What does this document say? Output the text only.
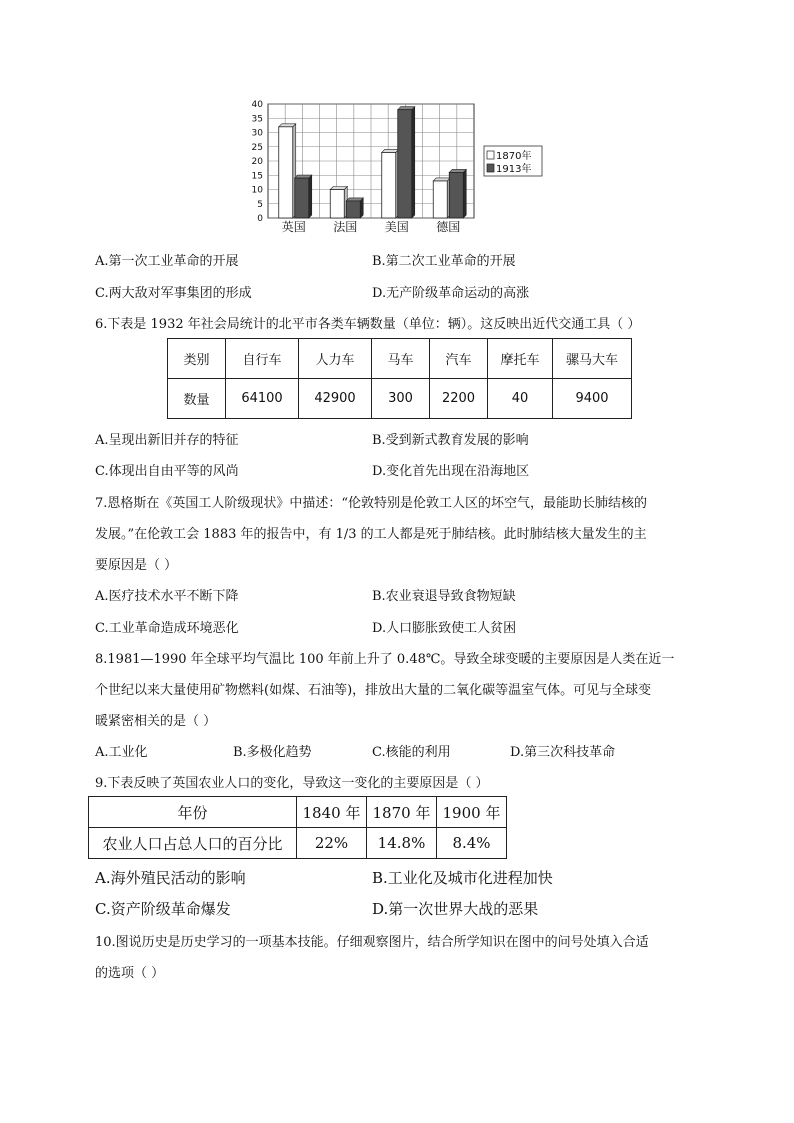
0
5
10
15
20
25
30
35
40
英国 法国 美国 德国
1870年
1913年
A.第一次工业革命的开展	B.第二次工业革命的开展
C.两大敌对军事集团的形成	D.无产阶级革命运动的高涨
6.下表是 1932 年社会局统计的北平市各类车辆数量（单位：辆）。这反映出近代交通工具（ ）
类别	自行车	人力车	马车	汽车	摩托车	骡马大车
数量	64100	42900	300	2200	40	9400
A.呈现出新旧并存的特征	B.受到新式教育发展的影响
C.体现出自由平等的风尚	D.变化首先出现在沿海地区
7.恩格斯在《英国工人阶级现状》中描述：“伦敦特别是伦敦工人区的坏空气，最能助长肺结核的
发展。”在伦敦工会 1883 年的报告中，有 1/3 的工人都是死于肺结核。此时肺结核大量发生的主
要原因是（ ）
A.医疗技术水平不断下降	B.农业衰退导致食物短缺
C.工业革命造成环境恶化	D.人口膨胀致使工人贫困
8.1981—1990 年全球平均气温比 100 年前上升了 0.48℃。导致全球变暖的主要原因是人类在近一
个世纪以来大量使用矿物燃料(如煤、石油等)，排放出大量的二氧化碳等温室气体。可见与全球变
暖紧密相关的是（ ）
A.工业化	B.多极化趋势	C.核能的利用	D.第三次科技革命
9.下表反映了英国农业人口的变化，导致这一变化的主要原因是（ ）
年份	1840 年	1870 年	1900 年
农业人口占总人口的百分比	22%	14.8%	8.4%
A.海外殖民活动的影响	B.工业化及城市化进程加快
C.资产阶级革命爆发	D.第一次世界大战的恶果
10.图说历史是历史学习的一项基本技能。仔细观察图片，结合所学知识在图中的问号处填入合适
的选项（ ）
